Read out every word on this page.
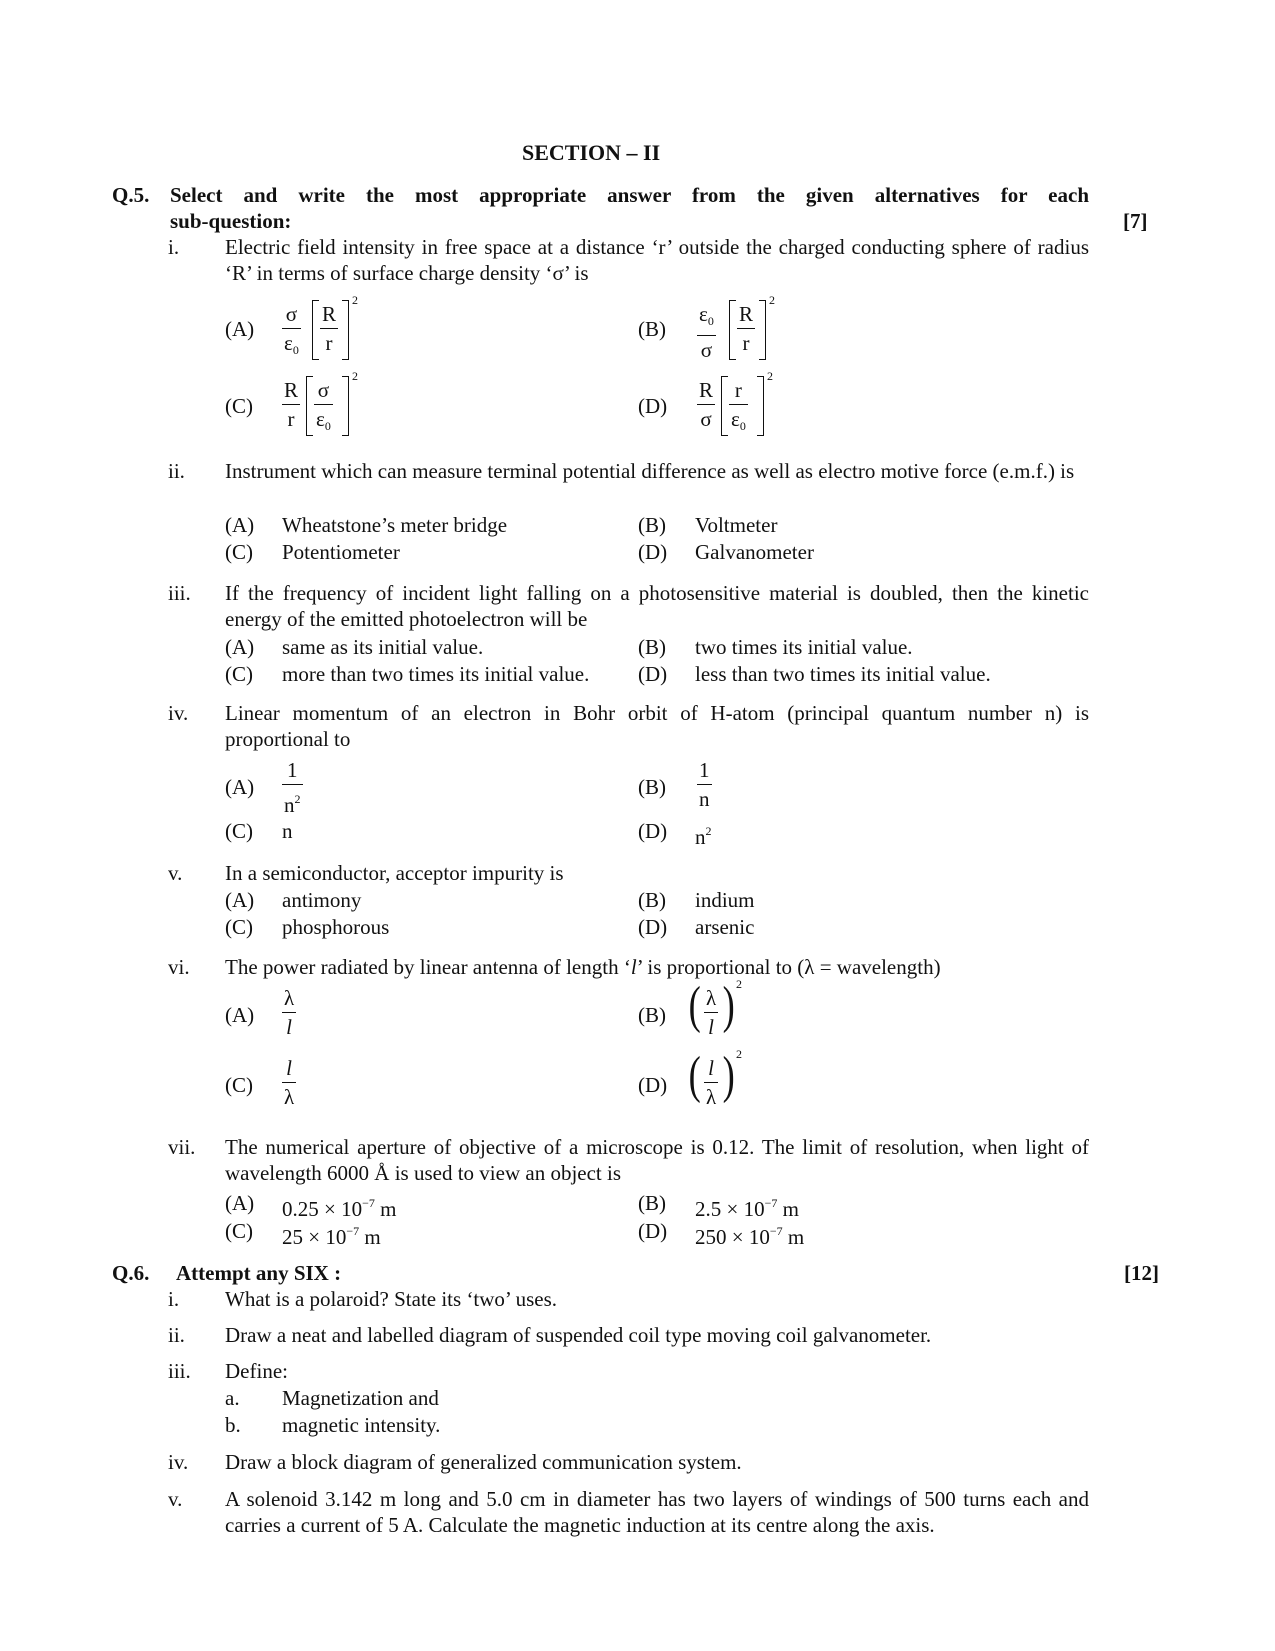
SECTION – II
Q.5. Select and write the most appropriate answer from the given alternatives for each
sub-question:	[7]
i. Electric field intensity in free space at a distance ‘r’ outside the charged conducting sphere of radius ‘R’ in terms of surface charge density ‘σ’ is
(A)
σ
ε0
R
r
2
(B)
ε0
σ
R
r
2
(C)
R
r
σ
ε0
2
(D)
R
σ
r
ε0
2
ii. Instrument which can measure terminal potential difference as well as electro motive force (e.m.f.) is
(A) Wheatstone’s meter bridge	(B) Voltmeter
(C) Potentiometer	(D) Galvanometer
iii. If the frequency of incident light falling on a photosensitive material is doubled, then the kinetic energy of the emitted photoelectron will be
(A) same as its initial value.	(B) two times its initial value.
(C) more than two times its initial value. (D) less than two times its initial value.
iv. Linear momentum of an electron in Bohr orbit of H-atom (principal quantum number n) is proportional to
(A)
1
$n^2$	(B)
1
n
(C) n	(D) $n^2$
v. In a semiconductor, acceptor impurity is
(A) antimony	(B) indium
(C) phosphorous	(D) arsenic
vi. The power radiated by linear antenna of length ‘l’ is proportional to (λ = wavelength)
(A)
λ
l	(B) ( λ
l ) 2
(C)
l
λ	(D) ( l
λ ) 2
vii. The numerical aperture of objective of a microscope is 0.12. The limit of resolution, when light of wavelength 6000 Å is used to view an object is
(A) $0.25 \times 10^{-7}$ m	(B) $2.5 \times 10^{-7}$ m
(C) $25 \times 10^{-7}$ m	(D) $250 \times 10^{-7}$ m
Q.6. Attempt any SIX :	[12]
i. What is a polaroid? State its ‘two’ uses.
ii. Draw a neat and labelled diagram of suspended coil type moving coil galvanometer.
iii. Define:
a. Magnetization and
b. magnetic intensity.
iv. Draw a block diagram of generalized communication system.
v. A solenoid 3.142 m long and 5.0 cm in diameter has two layers of windings of 500 turns each and carries a current of 5 A. Calculate the magnetic induction at its centre along the axis.
